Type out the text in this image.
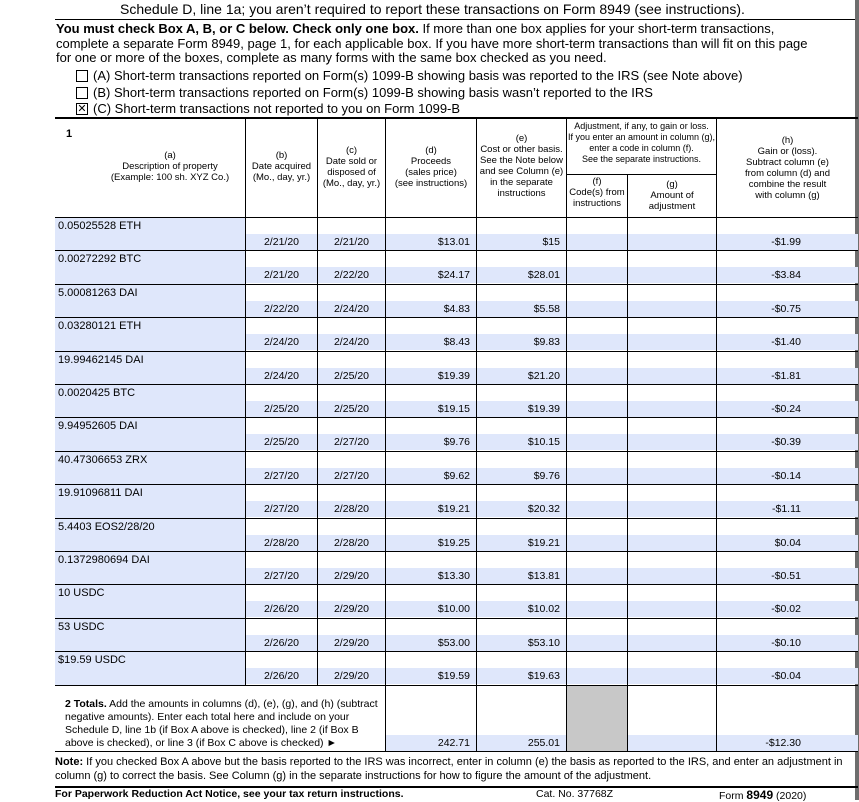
Schedule D, line 1a; you aren’t required to report these transactions on Form 8949 (see instructions).
You must check Box A, B, or C below. Check only one box. If more than one box applies for your short-term transactions, complete a separate Form 8949, page 1, for each applicable box. If you have more short-term transactions than will fit on this page for one or more of the boxes, complete as many forms with the same box checked as you need.
(A) Short-term transactions reported on Form(s) 1099-B showing basis was reported to the IRS (see Note above)
(B) Short-term transactions reported on Form(s) 1099-B showing basis wasn’t reported to the IRS
✕ (C) Short-term transactions not reported to you on Form 1099-B
1
(a)
Description of property
(Example: 100 sh. XYZ Co.)
(b)
Date acquired
(Mo., day, yr.)
(c)
Date sold or
disposed of
(Mo., day, yr.)
(d)
Proceeds
(sales price)
(see instructions)
(e)
Cost or other basis.
See the Note below
and see Column (e)
in the separate
instructions
Adjustment, if any, to gain or loss.
If you enter an amount in column (g),
enter a code in column (f).
See the separate instructions.
(f)
Code(s) from
instructions
(g)
Amount of
adjustment
(h)
Gain or (loss).
Subtract column (e)
from column (d) and
combine the result
with column (g)
0.05025528 ETH
2/21/20	2/21/20	$13.01	$15	-$1.99
0.00272292 BTC
2/21/20	2/22/20	$24.17	$28.01	-$3.84
5.00081263 DAI
2/22/20	2/24/20	$4.83	$5.58	-$0.75
0.03280121 ETH
2/24/20	2/24/20	$8.43	$9.83	-$1.40
19.99462145 DAI
2/24/20	2/25/20	$19.39	$21.20	-$1.81
0.0020425 BTC
2/25/20	2/25/20	$19.15	$19.39	-$0.24
9.94952605 DAI
2/25/20	2/27/20	$9.76	$10.15	-$0.39
40.47306653 ZRX
2/27/20	2/27/20	$9.62	$9.76	-$0.14
19.91096811 DAI
2/27/20	2/28/20	$19.21	$20.32	-$1.11
5.4403 EOS2/28/20
2/28/20	2/28/20	$19.25	$19.21	$0.04
0.1372980694 DAI
2/27/20	2/29/20	$13.30	$13.81	-$0.51
10 USDC
2/26/20	2/29/20	$10.00	$10.02	-$0.02
53 USDC
2/26/20	2/29/20	$53.00	$53.10	-$0.10
$19.59 USDC
2/26/20	2/29/20	$19.59	$19.63	-$0.04
2 Totals. Add the amounts in columns (d), (e), (g), and (h) (subtract negative amounts). Enter each total here and include on your Schedule D, line 1b (if Box A above is checked), line 2 (if Box B above is checked), or line 3 (if Box C above is checked) ►	242.71	255.01	-$12.30
Note: If you checked Box A above but the basis reported to the IRS was incorrect, enter in column (e) the basis as reported to the IRS, and enter an adjustment in column (g) to correct the basis. See Column (g) in the separate instructions for how to figure the amount of the adjustment.
For Paperwork Reduction Act Notice, see your tax return instructions.	Cat. No. 37768Z	Form 8949 (2020)
